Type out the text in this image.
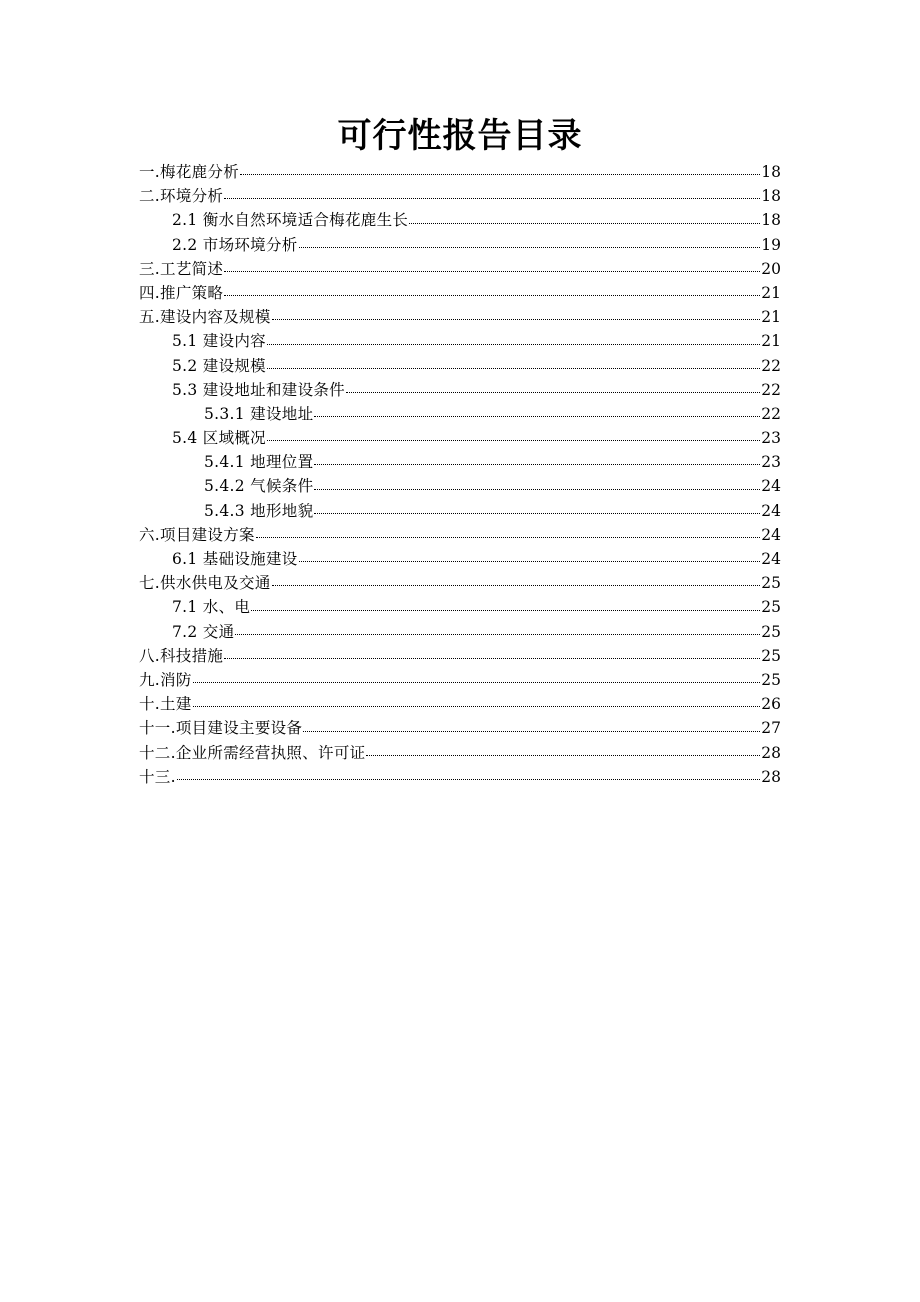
可行性报告目录
一.梅花鹿分析	18
二.环境分析	18
2.1 衡水自然环境适合梅花鹿生长	18
2.2 市场环境分析	19
三.工艺简述	20
四.推广策略	21
五.建设内容及规模	21
5.1 建设内容	21
5.2 建设规模	22
5.3 建设地址和建设条件	22
5.3.1 建设地址	22
5.4 区域概况	23
5.4.1 地理位置	23
5.4.2 气候条件	24
5.4.3 地形地貌	24
六.项目建设方案	24
6.1 基础设施建设	24
七.供水供电及交通	25
7.1 水、电	25
7.2 交通	25
八.科技措施	25
九.消防	25
十.土建	26
十一.项目建设主要设备	27
十二.企业所需经营执照、许可证	28
十三.	28
